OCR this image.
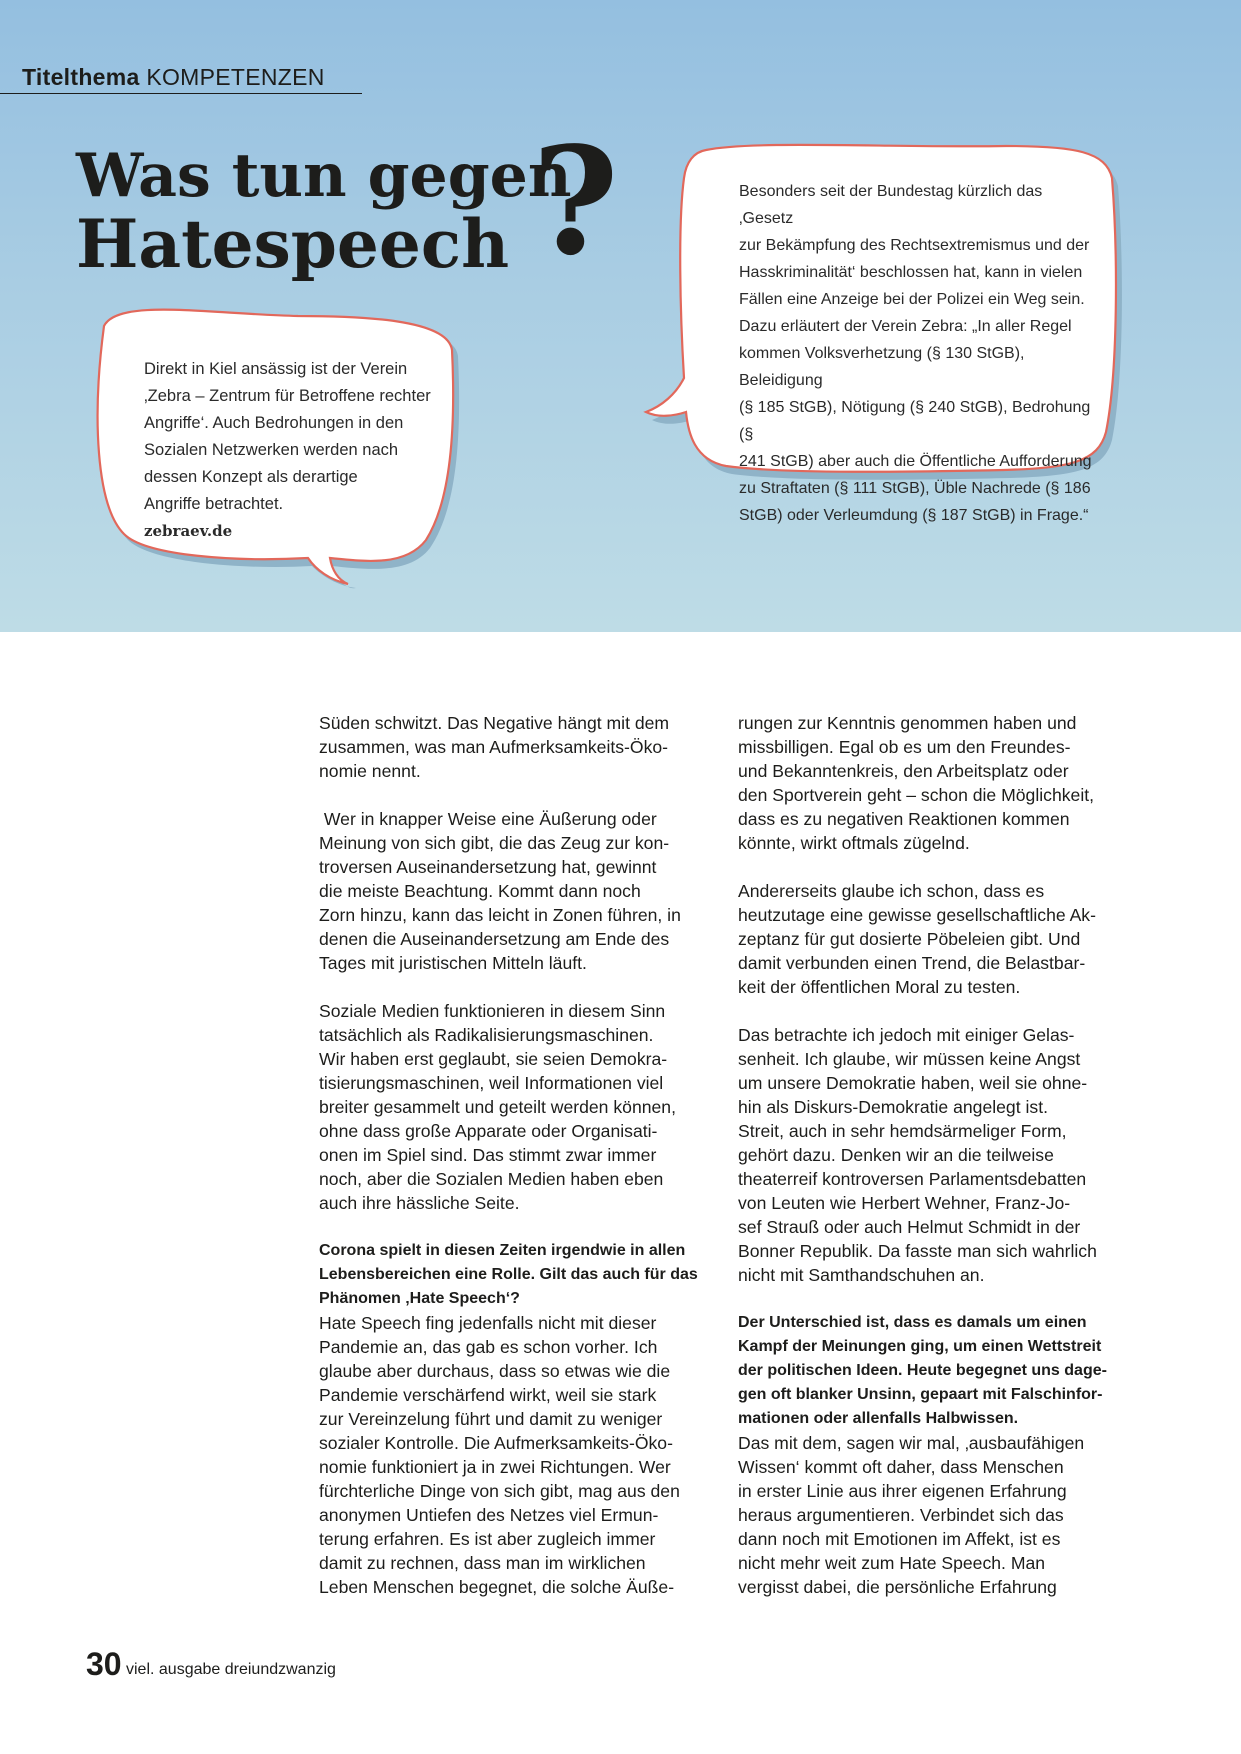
Titelthema KOMPETENZEN
Was tun gegen
Hatespeech ?
Direkt in Kiel ansässig ist der Verein
‚Zebra – Zentrum für Betroffene rechter
Angriffe‘. Auch Bedrohungen in den
Sozialen Netzwerken werden nach
dessen Konzept als derartige
Angriffe betrachtet.
zebraev.de
Besonders seit der Bundestag kürzlich das ‚Gesetz
zur Bekämpfung des Rechtsextremismus und der
Hasskriminalität‘ beschlossen hat, kann in vielen
Fällen eine Anzeige bei der Polizei ein Weg sein.
Dazu erläutert der Verein Zebra: „In aller Regel
kommen Volksverhetzung (§ 130 StGB), Beleidigung
(§ 185 StGB), Nötigung (§ 240 StGB), Bedrohung (§
241 StGB) aber auch die Öffentliche Aufforderung
zu Straftaten (§ 111 StGB), Üble Nachrede (§ 186
StGB) oder Verleumdung (§ 187 StGB) in Frage.“

Süden schwitzt. Das Negative hängt mit dem
zusammen, was man Aufmerksamkeits-Öko-
nomie nennt.

Wer in knapper Weise eine Äußerung oder
Meinung von sich gibt, die das Zeug zur kon-
troversen Auseinandersetzung hat, gewinnt
die meiste Beachtung. Kommt dann noch
Zorn hinzu, kann das leicht in Zonen führen, in
denen die Auseinandersetzung am Ende des
Tages mit juristischen Mitteln läuft.

Soziale Medien funktionieren in diesem Sinn
tatsächlich als Radikalisierungsmaschinen.
Wir haben erst geglaubt, sie seien Demokra-
tisierungsmaschinen, weil Informationen viel
breiter gesammelt und geteilt werden können,
ohne dass große Apparate oder Organisati-
onen im Spiel sind. Das stimmt zwar immer
noch, aber die Sozialen Medien haben eben
auch ihre hässliche Seite.

Corona spielt in diesen Zeiten irgendwie in allen
Lebensbereichen eine Rolle. Gilt das auch für das
Phänomen ‚Hate Speech‘?

Hate Speech fing jedenfalls nicht mit dieser
Pandemie an, das gab es schon vorher. Ich
glaube aber durchaus, dass so etwas wie die
Pandemie verschärfend wirkt, weil sie stark
zur Vereinzelung führt und damit zu weniger
sozialer Kontrolle. Die Aufmerksamkeits-Öko-
nomie funktioniert ja in zwei Richtungen. Wer
fürchterliche Dinge von sich gibt, mag aus den
anonymen Untiefen des Netzes viel Ermun-
terung erfahren. Es ist aber zugleich immer
damit zu rechnen, dass man im wirklichen
Leben Menschen begegnet, die solche Äuße-

rungen zur Kenntnis genommen haben und
missbilligen. Egal ob es um den Freundes-
und Bekanntenkreis, den Arbeitsplatz oder
den Sportverein geht – schon die Möglichkeit,
dass es zu negativen Reaktionen kommen
könnte, wirkt oftmals zügelnd.

Andererseits glaube ich schon, dass es
heutzutage eine gewisse gesellschaftliche Ak-
zeptanz für gut dosierte Pöbeleien gibt. Und
damit verbunden einen Trend, die Belastbar-
keit der öffentlichen Moral zu testen.

Das betrachte ich jedoch mit einiger Gelas-
senheit. Ich glaube, wir müssen keine Angst
um unsere Demokratie haben, weil sie ohne-
hin als Diskurs-Demokratie angelegt ist.
Streit, auch in sehr hemdsärmeliger Form,
gehört dazu. Denken wir an die teilweise
theaterreif kontroversen Parlamentsdebatten
von Leuten wie Herbert Wehner, Franz-Jo-
sef Strauß oder auch Helmut Schmidt in der
Bonner Republik. Da fasste man sich wahrlich
nicht mit Samthandschuhen an.

Der Unterschied ist, dass es damals um einen
Kampf der Meinungen ging, um einen Wettstreit
der politischen Ideen. Heute begegnet uns dage-
gen oft blanker Unsinn, gepaart mit Falschinfor-
mationen oder allenfalls Halbwissen.

Das mit dem, sagen wir mal, ‚ausbaufähigen
Wissen‘ kommt oft daher, dass Menschen
in erster Linie aus ihrer eigenen Erfahrung
heraus argumentieren. Verbindet sich das
dann noch mit Emotionen im Affekt, ist es
nicht mehr weit zum Hate Speech. Man
vergisst dabei, die persönliche Erfahrung

30 viel. ausgabe dreiundzwanzig
